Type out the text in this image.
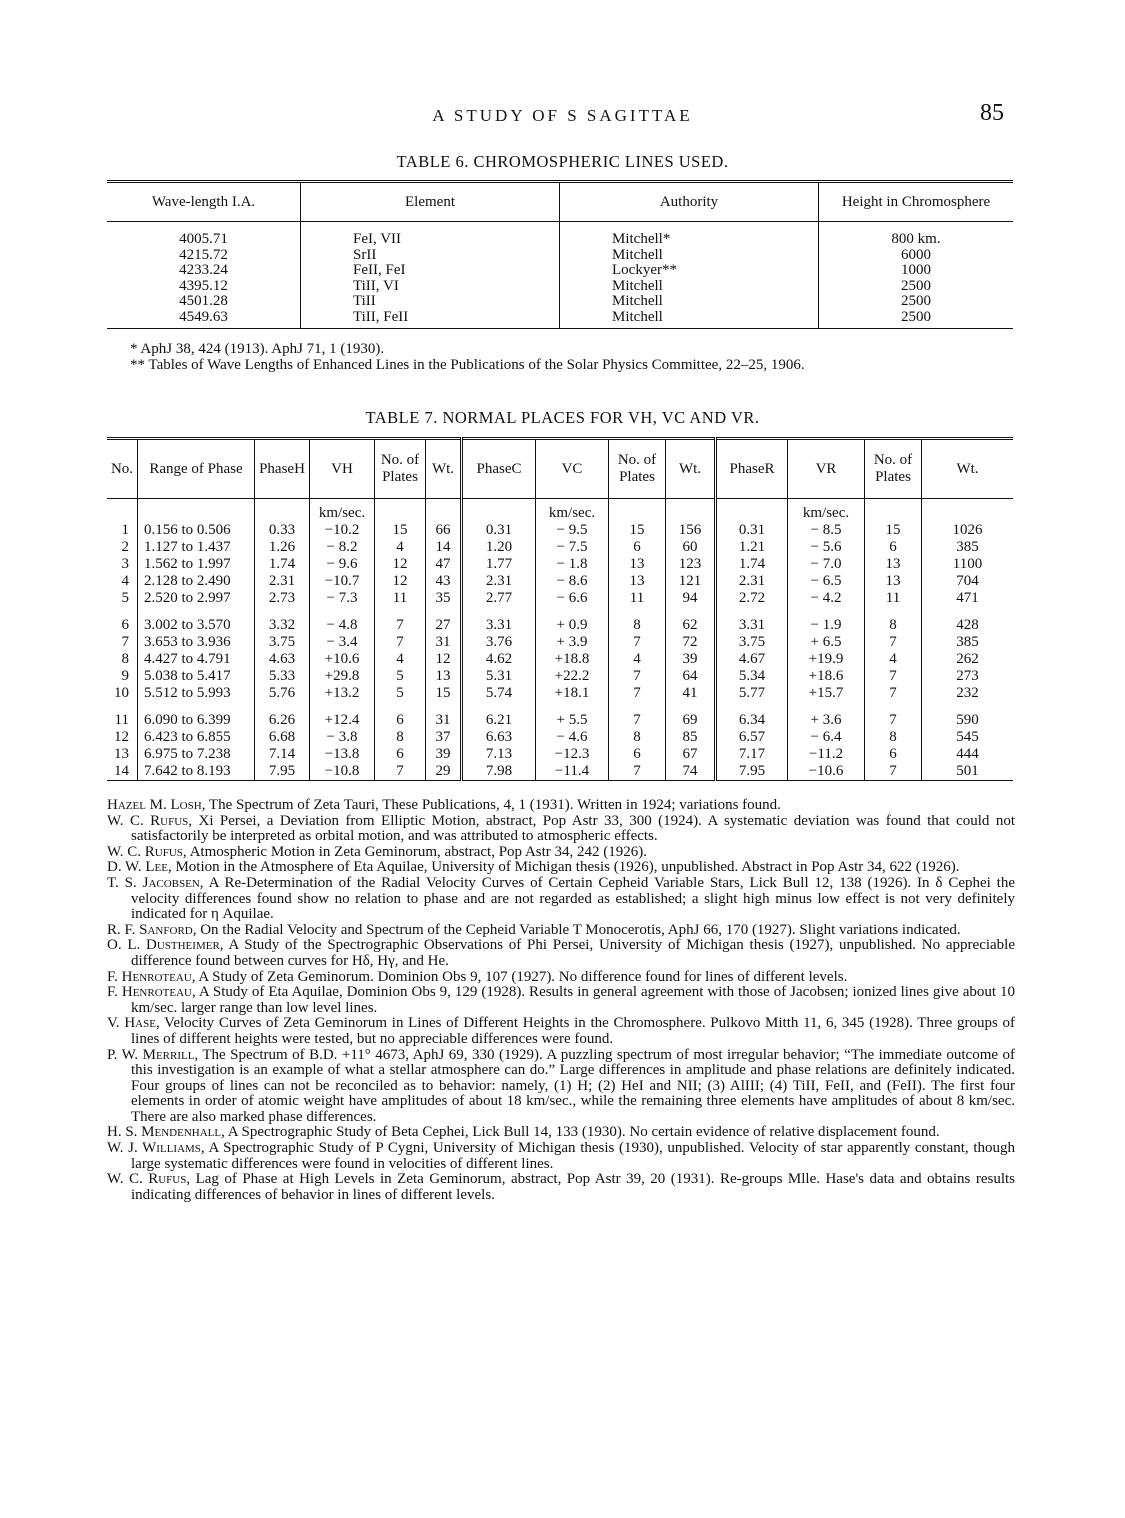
A STUDY OF S SAGITTAE	85
TABLE 6. CHROMOSPHERIC LINES USED.
Wave-length I.A.	Element	Authority	Height in Chromosphere
4005.71	FeI, VII	Mitchell*	800 km.
4215.72	SrII	Mitchell	6000
4233.24	FeII, FeI	Lockyer**	1000
4395.12	TiII, VI	Mitchell	2500
4501.28	TiII	Mitchell	2500
4549.63	TiII, FeII	Mitchell	2500
* AphJ 38, 424 (1913). AphJ 71, 1 (1930).
** Tables of Wave Lengths of Enhanced Lines in the Publications of the Solar Physics Committee, 22–25, 1906.
TABLE 7. NORMAL PLACES FOR VH, VC AND VR.
No.	Range of Phase	PhaseH	VH	No. of Plates	Wt.	PhaseC	VC	No. of Plates	Wt.	PhaseR	VR	No. of Plates	Wt.
			km/sec.				km/sec.				km/sec.		
1	0.156 to 0.506	0.33	−10.2	15	66	0.31	− 9.5	15	156	0.31	− 8.5	15	1026
2	1.127 to 1.437	1.26	− 8.2	4	14	1.20	− 7.5	6	60	1.21	− 5.6	6	385
3	1.562 to 1.997	1.74	− 9.6	12	47	1.77	− 1.8	13	123	1.74	− 7.0	13	1100
4	2.128 to 2.490	2.31	−10.7	12	43	2.31	− 8.6	13	121	2.31	− 6.5	13	704
5	2.520 to 2.997	2.73	− 7.3	11	35	2.77	− 6.6	11	94	2.72	− 4.2	11	471
6	3.002 to 3.570	3.32	− 4.8	7	27	3.31	+ 0.9	8	62	3.31	− 1.9	8	428
7	3.653 to 3.936	3.75	− 3.4	7	31	3.76	+ 3.9	7	72	3.75	+ 6.5	7	385
8	4.427 to 4.791	4.63	+10.6	4	12	4.62	+18.8	4	39	4.67	+19.9	4	262
9	5.038 to 5.417	5.33	+29.8	5	13	5.31	+22.2	7	64	5.34	+18.6	7	273
10	5.512 to 5.993	5.76	+13.2	5	15	5.74	+18.1	7	41	5.77	+15.7	7	232
11	6.090 to 6.399	6.26	+12.4	6	31	6.21	+ 5.5	7	69	6.34	+ 3.6	7	590
12	6.423 to 6.855	6.68	− 3.8	8	37	6.63	− 4.6	8	85	6.57	− 6.4	8	545
13	6.975 to 7.238	7.14	−13.8	6	39	7.13	−12.3	6	67	7.17	−11.2	6	444
14	7.642 to 8.193	7.95	−10.8	7	29	7.98	−11.4	7	74	7.95	−10.6	7	501

Hazel M. Losh, The Spectrum of Zeta Tauri, These Publications, 4, 1 (1931). Written in 1924; variations found.

W. C. Rufus, Xi Persei, a Deviation from Elliptic Motion, abstract, Pop Astr 33, 300 (1924). A systematic deviation was found that could not satisfactorily be interpreted as orbital motion, and was attributed to atmospheric effects.

W. C. Rufus, Atmospheric Motion in Zeta Geminorum, abstract, Pop Astr 34, 242 (1926).

D. W. Lee, Motion in the Atmosphere of Eta Aquilae, University of Michigan thesis (1926), unpublished. Abstract in Pop Astr 34, 622 (1926).

T. S. Jacobsen, A Re-Determination of the Radial Velocity Curves of Certain Cepheid Variable Stars, Lick Bull 12, 138 (1926). In δ Cephei the velocity differences found show no relation to phase and are not regarded as established; a slight high minus low effect is not very definitely indicated for η Aquilae.

R. F. Sanford, On the Radial Velocity and Spectrum of the Cepheid Variable T Monocerotis, AphJ 66, 170 (1927). Slight variations indicated.

O. L. Dustheimer, A Study of the Spectrographic Observations of Phi Persei, University of Michigan thesis (1927), unpublished. No appreciable difference found between curves for Hδ, Hγ, and He.

F. Henroteau, A Study of Zeta Geminorum. Dominion Obs 9, 107 (1927). No difference found for lines of different levels.

F. Henroteau, A Study of Eta Aquilae, Dominion Obs 9, 129 (1928). Results in general agreement with those of Jacobsen; ionized lines give about 10 km/sec. larger range than low level lines.

V. Hase, Velocity Curves of Zeta Geminorum in Lines of Different Heights in the Chromosphere. Pulkovo Mitth 11, 6, 345 (1928). Three groups of lines of different heights were tested, but no appreciable differences were found.

P. W. Merrill, The Spectrum of B.D. +11° 4673, AphJ 69, 330 (1929). A puzzling spectrum of most irregular behavior; “The immediate outcome of this investigation is an example of what a stellar atmosphere can do.” Large differences in amplitude and phase relations are definitely indicated. Four groups of lines can not be reconciled as to behavior: namely, (1) H; (2) HeI and NII; (3) AlIII; (4) TiII, FeII, and (FeII). The first four elements in order of atomic weight have amplitudes of about 18 km/sec., while the remaining three elements have amplitudes of about 8 km/sec. There are also marked phase differences.

H. S. Mendenhall, A Spectrographic Study of Beta Cephei, Lick Bull 14, 133 (1930). No certain evidence of relative displacement found.

W. J. Williams, A Spectrographic Study of P Cygni, University of Michigan thesis (1930), unpublished. Velocity of star apparently constant, though large systematic differences were found in velocities of different lines.

W. C. Rufus, Lag of Phase at High Levels in Zeta Geminorum, abstract, Pop Astr 39, 20 (1931). Re-groups Mlle. Hase's data and obtains results indicating differences of behavior in lines of different levels.
